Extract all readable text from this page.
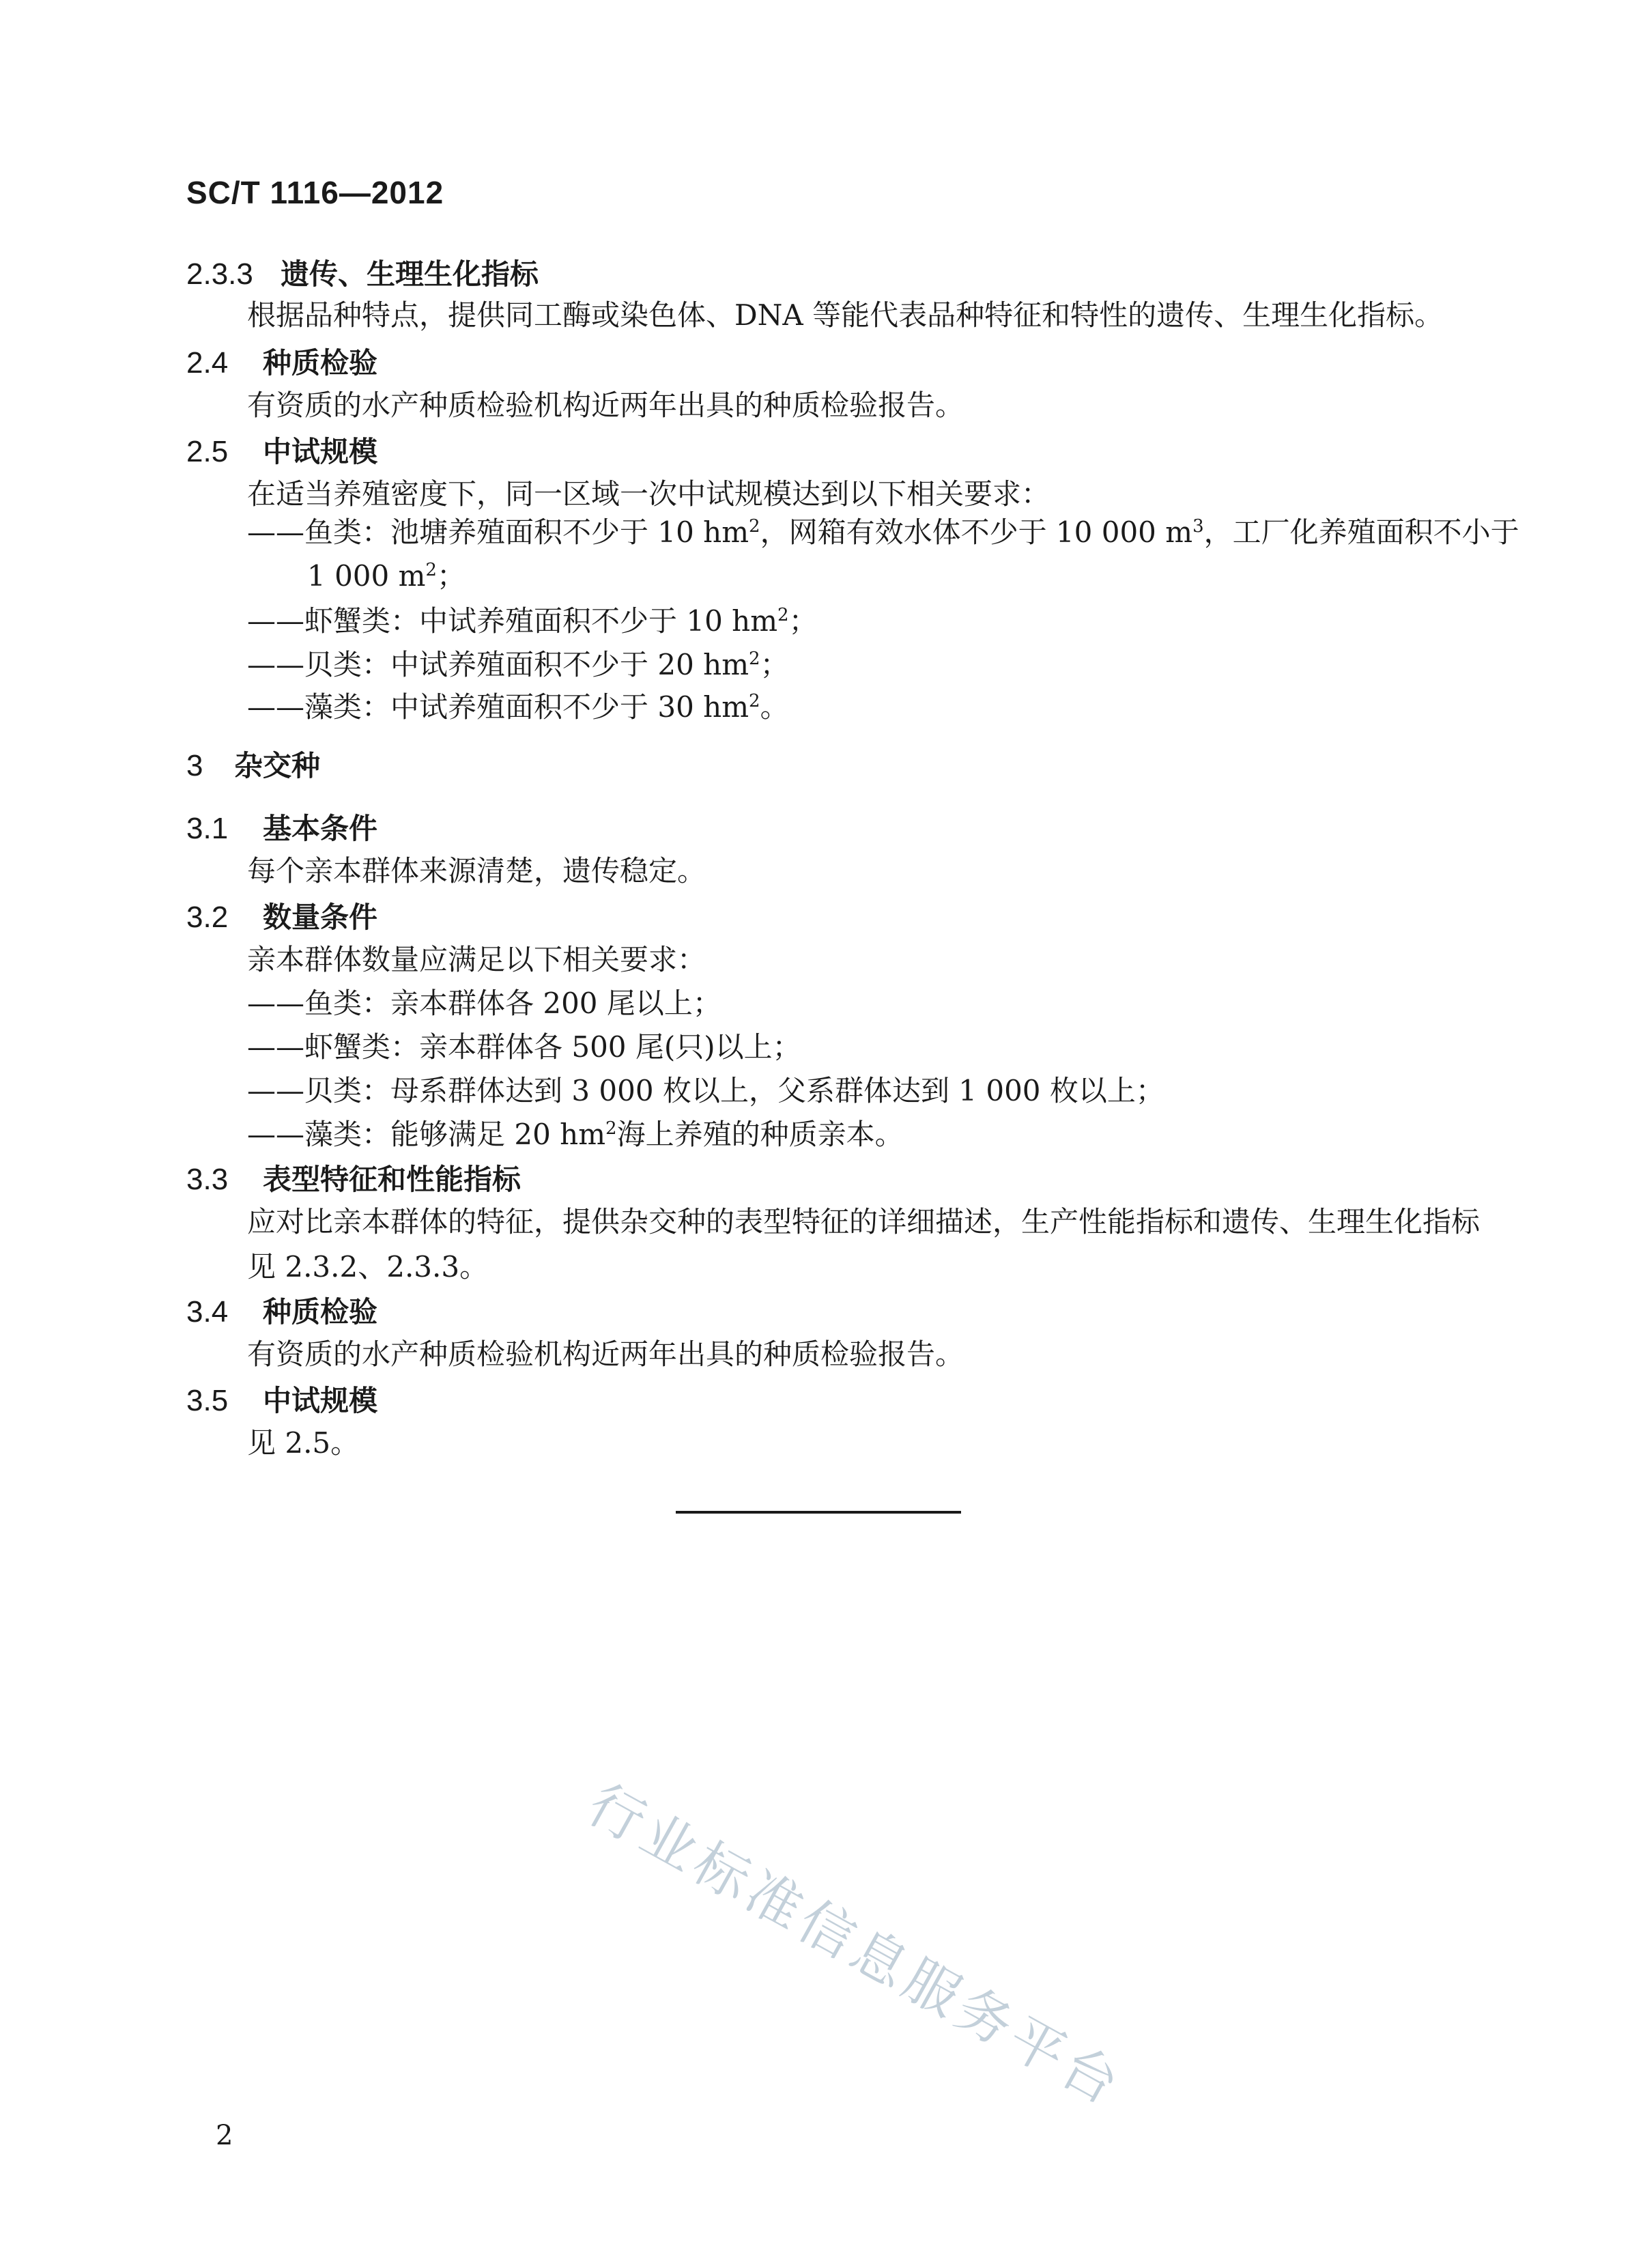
SC/T 1116—2012
2.3.3 遗传、生理生化指标
根据品种特点，提供同工酶或染色体、DNA 等能代表品种特征和特性的遗传、生理生化指标。
2.4 种质检验
有资质的水产种质检验机构近两年出具的种质检验报告。
2.5 中试规模
在适当养殖密度下，同一区域一次中试规模达到以下相关要求：
——鱼类：池塘养殖面积不少于 10 $hm^2$，网箱有效水体不少于 10 000 $m^3$，工厂化养殖面积不小于
1 000 $m^2$；
——虾蟹类：中试养殖面积不少于 10 $hm^2$；
——贝类：中试养殖面积不少于 20 $hm^2$；
——藻类：中试养殖面积不少于 30 $hm^2$。
3 杂交种
3.1 基本条件
每个亲本群体来源清楚，遗传稳定。
3.2 数量条件
亲本群体数量应满足以下相关要求：
——鱼类：亲本群体各 200 尾以上；
——虾蟹类：亲本群体各 500 尾(只)以上；
——贝类：母系群体达到 3 000 枚以上，父系群体达到 1 000 枚以上；
——藻类：能够满足 20 $hm^2$海上养殖的种质亲本。
3.3 表型特征和性能指标
应对比亲本群体的特征，提供杂交种的表型特征的详细描述，生产性能指标和遗传、生理生化指标
见 2.3.2、2.3.3。
3.4 种质检验
有资质的水产种质检验机构近两年出具的种质检验报告。
3.5 中试规模
见 2.5。
行业标准信息服务平台
2
